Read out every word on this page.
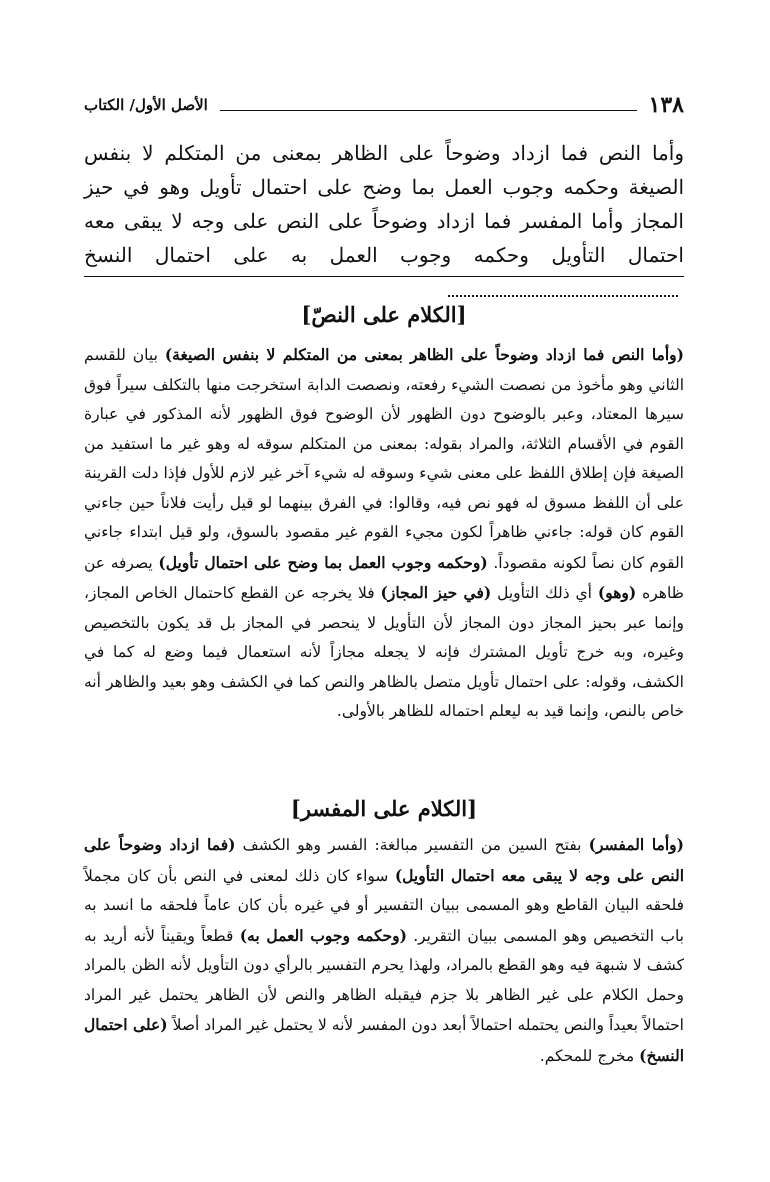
١٣٨
الأصل الأول/ الكتاب

وأما النص فما ازداد وضوحاً على الظاهر بمعنى من المتكلم لا بنفس الصيغة وحكمه وجوب العمل بما وضح على احتمال تأويل وهو في حيز المجاز وأما المفسر فما ازداد وضوحاً على النص على وجه لا يبقى معه احتمال التأويل وحكمه وجوب العمل به على احتمال النسخ

[الكلام على النصّ]

(وأما النص فما ازداد وضوحاً على الظاهر بمعنى من المتكلم لا بنفس الصيغة) بيان للقسم الثاني وهو مأخوذ من نصصت الشيء رفعته، ونصصت الدابة استخرجت منها بالتكلف سيراً فوق سيرها المعتاد، وعبر بالوضوح دون الظهور لأن الوضوح فوق الظهور لأنه المذكور في عبارة القوم في الأقسام الثلاثة، والمراد بقوله: بمعنى من المتكلم سوقه له وهو غير ما استفيد من الصيغة فإن إطلاق اللفظ على معنى شيء وسوقه له شيء آخر غير لازم للأول فإذا دلت القرينة على أن اللفظ مسوق له فهو نص فيه، وقالوا: في الفرق بينهما لو قيل رأيت فلاناً حين جاءني القوم كان قوله: جاءني ظاهراً لكون مجيء القوم غير مقصود بالسوق، ولو قيل ابتداء جاءني القوم كان نصاً لكونه مقصوداً. (وحكمه وجوب العمل بما وضح على احتمال تأويل) يصرفه عن ظاهره (وهو) أي ذلك التأويل (في حيز المجاز) فلا يخرجه عن القطع كاحتمال الخاص المجاز، وإنما عبر بحيز المجاز دون المجاز لأن التأويل لا ينحصر في المجاز بل قد يكون بالتخصيص وغيره، وبه خرج تأويل المشترك فإنه لا يجعله مجازاً لأنه استعمال فيما وضع له كما في الكشف، وقوله: على احتمال تأويل متصل بالظاهر والنص كما في الكشف وهو بعيد والظاهر أنه خاص بالنص، وإنما قيد به ليعلم احتماله للظاهر بالأولى.

[الكلام على المفسر]

(وأما المفسر) بفتح السين من التفسير مبالغة: الفسر وهو الكشف (فما ازداد وضوحاً على النص على وجه لا يبقى معه احتمال التأويل) سواء كان ذلك لمعنى في النص بأن كان مجملاً فلحقه البيان القاطع وهو المسمى ببيان التفسير أو في غيره بأن كان عاماً فلحقه ما انسد به باب التخصيص وهو المسمى ببيان التقرير. (وحكمه وجوب العمل به) قطعاً ويقيناً لأنه أريد به كشف لا شبهة فيه وهو القطع بالمراد، ولهذا يحرم التفسير بالرأي دون التأويل لأنه الظن بالمراد وحمل الكلام على غير الظاهر بلا جزم فيقبله الظاهر والنص لأن الظاهر يحتمل غير المراد احتمالاً بعيداً والنص يحتمله احتمالاً أبعد دون المفسر لأنه لا يحتمل غير المراد أصلاً (على احتمال النسخ) مخرج للمحكم.
